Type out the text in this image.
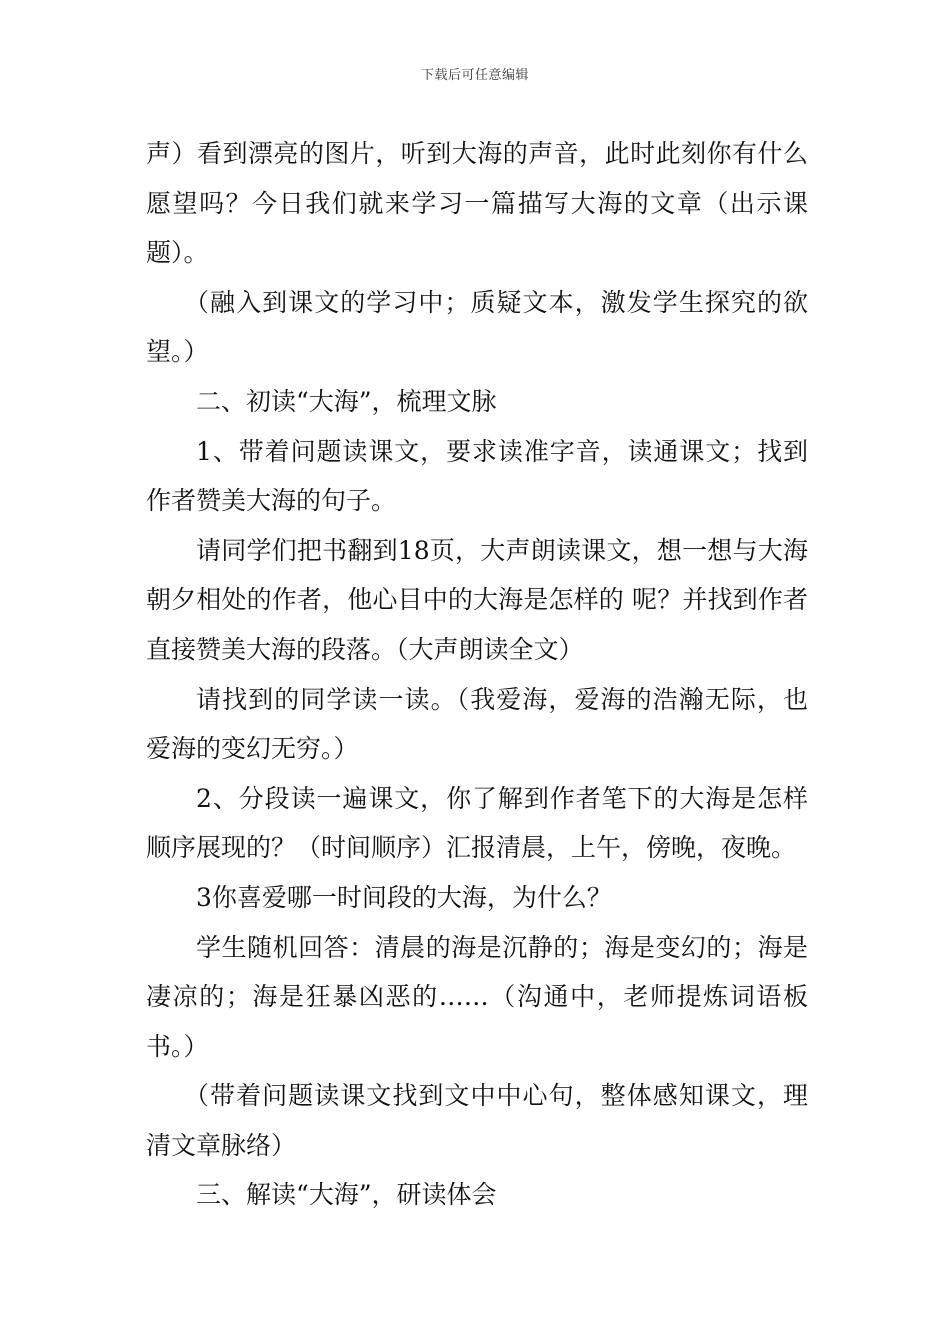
下载后可任意编辑

声）看到漂亮的图片，听到大海的声音，此时此刻你有什么愿望吗？今日我们就来学习一篇描写大海的文章（出示课题）。

（融入到课文的学习中；质疑文本，激发学生探究的欲望。）

二、初读“大海”，梳理文脉

1、带着问题读课文，要求读准字音，读通课文；找到作者赞美大海的句子。

请同学们把书翻到18页，大声朗读课文，想一想与大海朝夕相处的作者，他心目中的大海是怎样的 呢？并找到作者直接赞美大海的段落。（大声朗读全文）

请找到的同学读一读。（我爱海，爱海的浩瀚无际，也爱海的变幻无穷。）

2、分段读一遍课文，你了解到作者笔下的大海是怎样顺序展现的？（时间顺序）汇报清晨，上午，傍晚，夜晚。

3你喜爱哪一时间段的大海，为什么？

学生随机回答：清晨的海是沉静的；海是变幻的；海是凄凉的；海是狂暴凶恶的……（沟通中，老师提炼词语板书。）

（带着问题读课文找到文中中心句，整体感知课文，理清文章脉络）

三、解读“大海”，研读体会
